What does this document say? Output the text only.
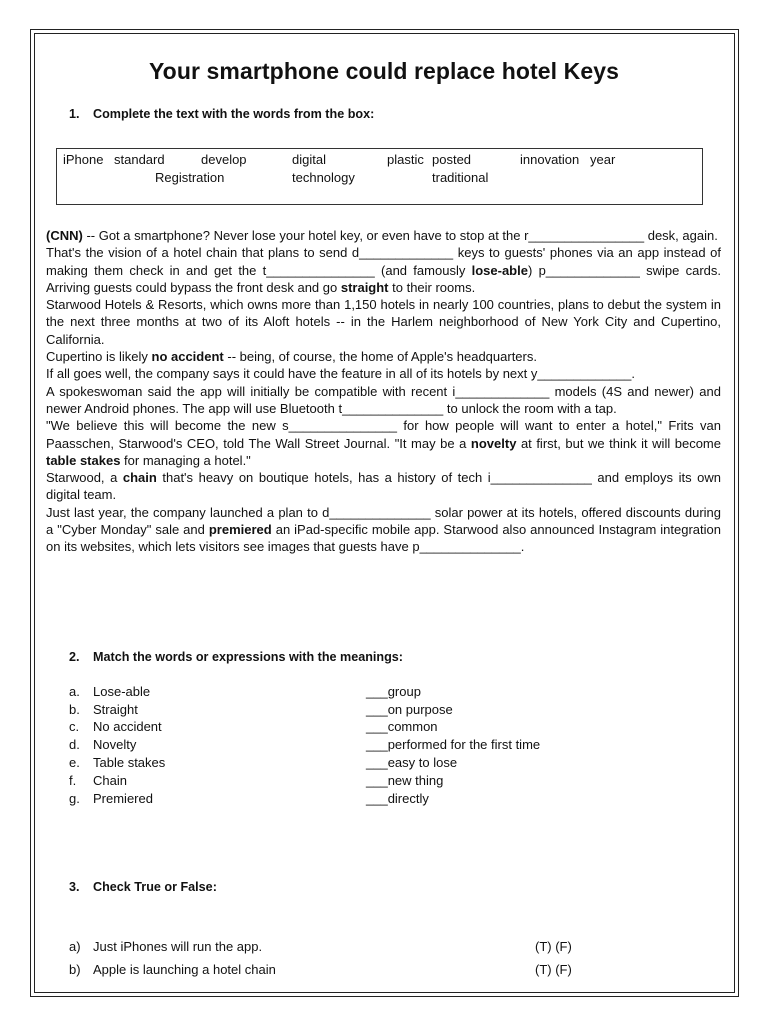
Your smartphone could replace hotel Keys
1. Complete the text with the words from the box:
iPhone standard	develop	digital	plastic posted	innovation year
Registration	technology	traditional

(CNN) -- Got a smartphone? Never lose your hotel key, or even have to stop at the r________________ desk, again.

That's the vision of a hotel chain that plans to send d_____________ keys to guests' phones via an app instead of making them check in and get the t_______________ (and famously lose-able) p_____________ swipe cards. Arriving guests could bypass the front desk and go straight to their rooms.

Starwood Hotels & Resorts, which owns more than 1,150 hotels in nearly 100 countries, plans to debut the system in the next three months at two of its Aloft hotels -- in the Harlem neighborhood of New York City and Cupertino, California.

Cupertino is likely no accident -- being, of course, the home of Apple's headquarters.

If all goes well, the company says it could have the feature in all of its hotels by next y_____________.

A spokeswoman said the app will initially be compatible with recent i_____________ models (4S and newer) and newer Android phones. The app will use Bluetooth t______________ to unlock the room with a tap.

"We believe this will become the new s_______________ for how people will want to enter a hotel," Frits van Paasschen, Starwood's CEO, told The Wall Street Journal. "It may be a novelty at first, but we think it will become table stakes for managing a hotel."

Starwood, a chain that's heavy on boutique hotels, has a history of tech i______________ and employs its own digital team.

Just last year, the company launched a plan to d______________ solar power at its hotels, offered discounts during a "Cyber Monday" sale and premiered an iPad-specific mobile app. Starwood also announced Instagram integration on its websites, which lets visitors see images that guests have p______________.

2. Match the words or expressions with the meanings:
a. Lose-able	___group
b. Straight	___on purpose
c. No accident	___common
d. Novelty	___performed for the first time
e. Table stakes	___easy to lose
f. Chain	___new thing
g. Premiered	___directly
3. Check True or False:
a) Just iPhones will run the app.	(T) (F)
b) Apple is launching a hotel chain	(T) (F)
